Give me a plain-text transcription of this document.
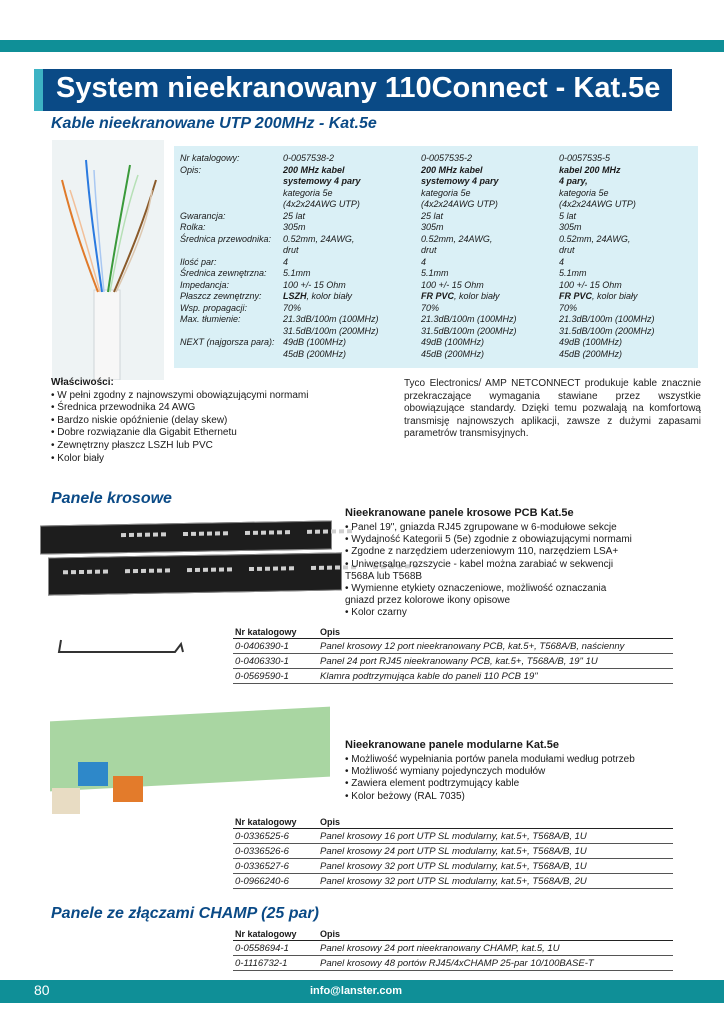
System nieekranowany 110Connect - Kat.5e
Kable nieekranowane UTP 200MHz - Kat.5e
Nr katalogowy:	0-0057538-2	0-0057535-2	0-0057535-5
Opis:	200 MHz kabel	200 MHz kabel	kabel 200 MHz
	systemowy 4 pary	systemowy 4 pary	4 pary,
	kategoria 5e	kategoria 5e	kategoria 5e
	(4x2x24AWG UTP)	(4x2x24AWG UTP)	(4x2x24AWG UTP)
Gwarancja:	25 lat	25 lat	5 lat
Rolka:	305m	305m	305m
Średnica przewodnika:	0.52mm, 24AWG,	0.52mm, 24AWG,	0.52mm, 24AWG,
	drut	drut	drut
Ilość par:	4	4	4
Średnica zewnętrzna:	5.1mm	5.1mm	5.1mm
Impedancja:	100 +/- 15 Ohm	100 +/- 15 Ohm	100 +/- 15 Ohm
Płaszcz zewnętrzny:	LSZH, kolor biały	FR PVC, kolor biały	FR PVC, kolor biały
Wsp. propagacji:	70%	70%	70%
Max. tłumienie:	21.3dB/100m (100MHz)	21.3dB/100m (100MHz)	21.3dB/100m (100MHz)
	31.5dB/100m (200MHz)	31.5dB/100m (200MHz)	31.5dB/100m (200MHz)
NEXT (najgorsza para):	49dB (100MHz)	49dB (100MHz)	49dB (100MHz)
	45dB (200MHz)	45dB (200MHz)	45dB (200MHz)
Właściwości:
• W pełni zgodny z najnowszymi obowiązującymi normami
• Średnica przewodnika 24 AWG
• Bardzo niskie opóźnienie (delay skew)
• Dobre rozwiązanie dla Gigabit Ethernetu
• Zewnętrzny płaszcz LSZH lub PVC
• Kolor biały
Tyco Electronics/ AMP NETCONNECT produkuje kable znacznie przekraczające wymagania stawiane przez wszystkie obowiązujące standardy. Dzięki temu pozwalają na komfortową transmisję najnowszych aplikacji, zawsze z dużymi zapasami parametrów transmisyjnych.
Panele krosowe
Nieekranowane panele krosowe PCB Kat.5e
• Panel 19", gniazda RJ45 zgrupowane w 6-modułowe sekcje
• Wydajność Kategorii 5 (5e) zgodnie z obowiązującymi normami
• Zgodne z narzędziem uderzeniowym 110, narzędziem LSA+
• Uniwersalne rozszycie - kabel można zarabiać w sekwencji
T568A lub T568B
• Wymienne etykiety oznaczeniowe, możliwość oznaczania
gniazd przez kolorowe ikony opisowe
• Kolor czarny
Nr katalogowy	Opis
0-0406390-1	Panel krosowy 12 port nieekranowany PCB, kat.5+, T568A/B, naścienny
0-0406330-1	Panel 24 port RJ45 nieekranowany PCB, kat.5+, T568A/B, 19" 1U
0-0569590-1	Klamra podtrzymująca kable do paneli 110 PCB 19"
Nieekranowane panele modularne Kat.5e
• Możliwość wypełniania portów panela modułami według potrzeb
• Możliwość wymiany pojedynczych modułów
• Zawiera element podtrzymujący kable
• Kolor beżowy (RAL 7035)
Nr katalogowy	Opis
0-0336525-6	Panel krosowy 16 port UTP SL modularny, kat.5+, T568A/B, 1U
0-0336526-6	Panel krosowy 24 port UTP SL modularny, kat.5+, T568A/B, 1U
0-0336527-6	Panel krosowy 32 port UTP SL modularny, kat.5+, T568A/B, 1U
0-0966240-6	Panel krosowy 32 port UTP SL modularny, kat.5+, T568A/B, 2U
Panele ze złączami CHAMP (25 par)
Nr katalogowy	Opis
0-0558694-1	Panel krosowy 24 port nieekranowany CHAMP, kat.5, 1U
0-1116732-1	Panel krosowy 48 portów RJ45/4xCHAMP 25-par 10/100BASE-T
80	info@lanster.com
